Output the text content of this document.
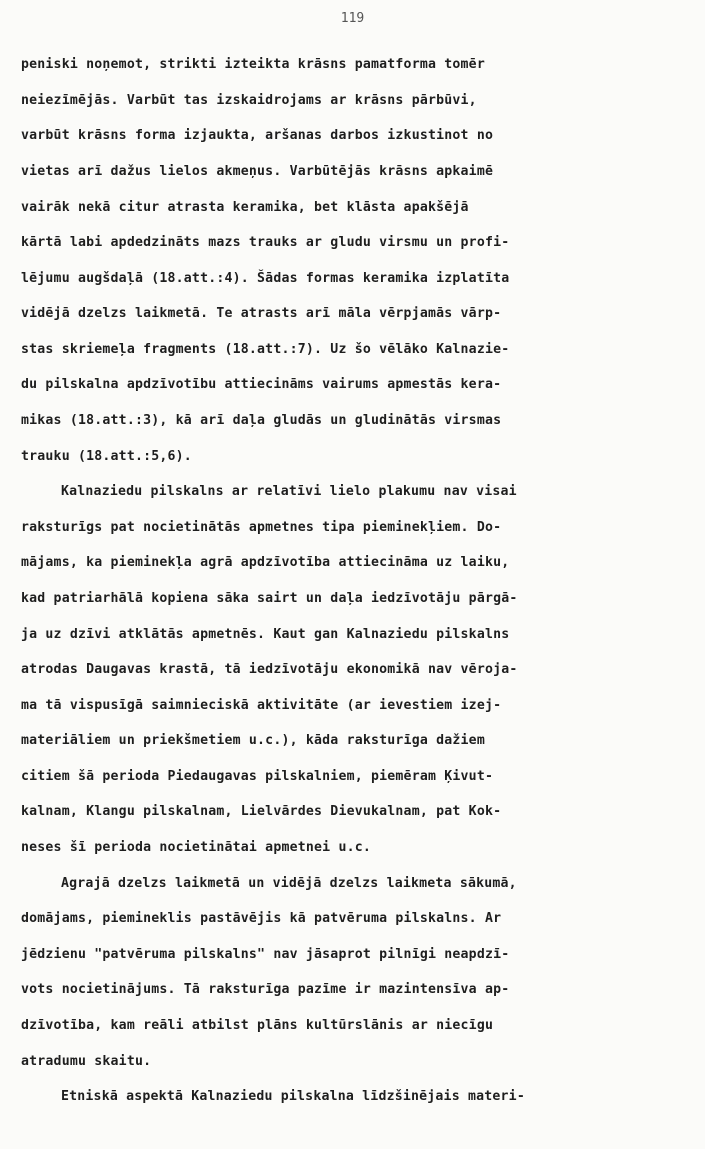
119
peniski noņemot, strikti izteikta krāsns pamatforma tomēr
neiezīmējās. Varbūt tas izskaidrojams ar krāsns pārbūvi,
varbūt krāsns forma izjaukta, aršanas darbos izkustinot no
vietas arī dažus lielos akmeņus. Varbūtējās krāsns apkaimē
vairāk nekā citur atrasta keramika, bet klāsta apakšējā
kārtā labi apdedzināts mazs trauks ar gludu virsmu un profi-
lējumu augšdaļā (18.att.:4). Šādas formas keramika izplatīta
vidējā dzelzs laikmetā. Te atrasts arī māla vērpjamās vārp-
stas skriemeļa fragments (18.att.:7). Uz šo vēlāko Kalnazie-
du pilskalna apdzīvotību attiecināms vairums apmestās kera-
mikas (18.att.:3), kā arī daļa gludās un gludinātās virsmas
trauku (18.att.:5,6).
Kalnaziedu pilskalns ar relatīvi lielo plakumu nav visai
raksturīgs pat nocietinātās apmetnes tipa pieminekļiem. Do-
mājams, ka pieminekļa agrā apdzīvotība attiecināma uz laiku,
kad patriarhālā kopiena sāka sairt un daļa iedzīvotāju pārgā-
ja uz dzīvi atklātās apmetnēs. Kaut gan Kalnaziedu pilskalns
atrodas Daugavas krastā, tā iedzīvotāju ekonomikā nav vēroja-
ma tā vispusīgā saimnieciskā aktivitāte (ar ievestiem izej-
materiāliem un priekšmetiem u.c.), kāda raksturīga dažiem
citiem šā perioda Piedaugavas pilskalniem, piemēram Ķivut-
kalnam, Klangu pilskalnam, Lielvārdes Dievukalnam, pat Kok-
neses šī perioda nocietinātai apmetnei u.c.
Agrajā dzelzs laikmetā un vidējā dzelzs laikmeta sākumā,
domājams, piemineklis pastāvējis kā patvēruma pilskalns. Ar
jēdzienu "patvēruma pilskalns" nav jāsaprot pilnīgi neapdzī-
vots nocietinājums. Tā raksturīga pazīme ir mazintensīva ap-
dzīvotība, kam reāli atbilst plāns kultūrslānis ar niecīgu
atradumu skaitu.
Etniskā aspektā Kalnaziedu pilskalna līdzšinējais materi-
